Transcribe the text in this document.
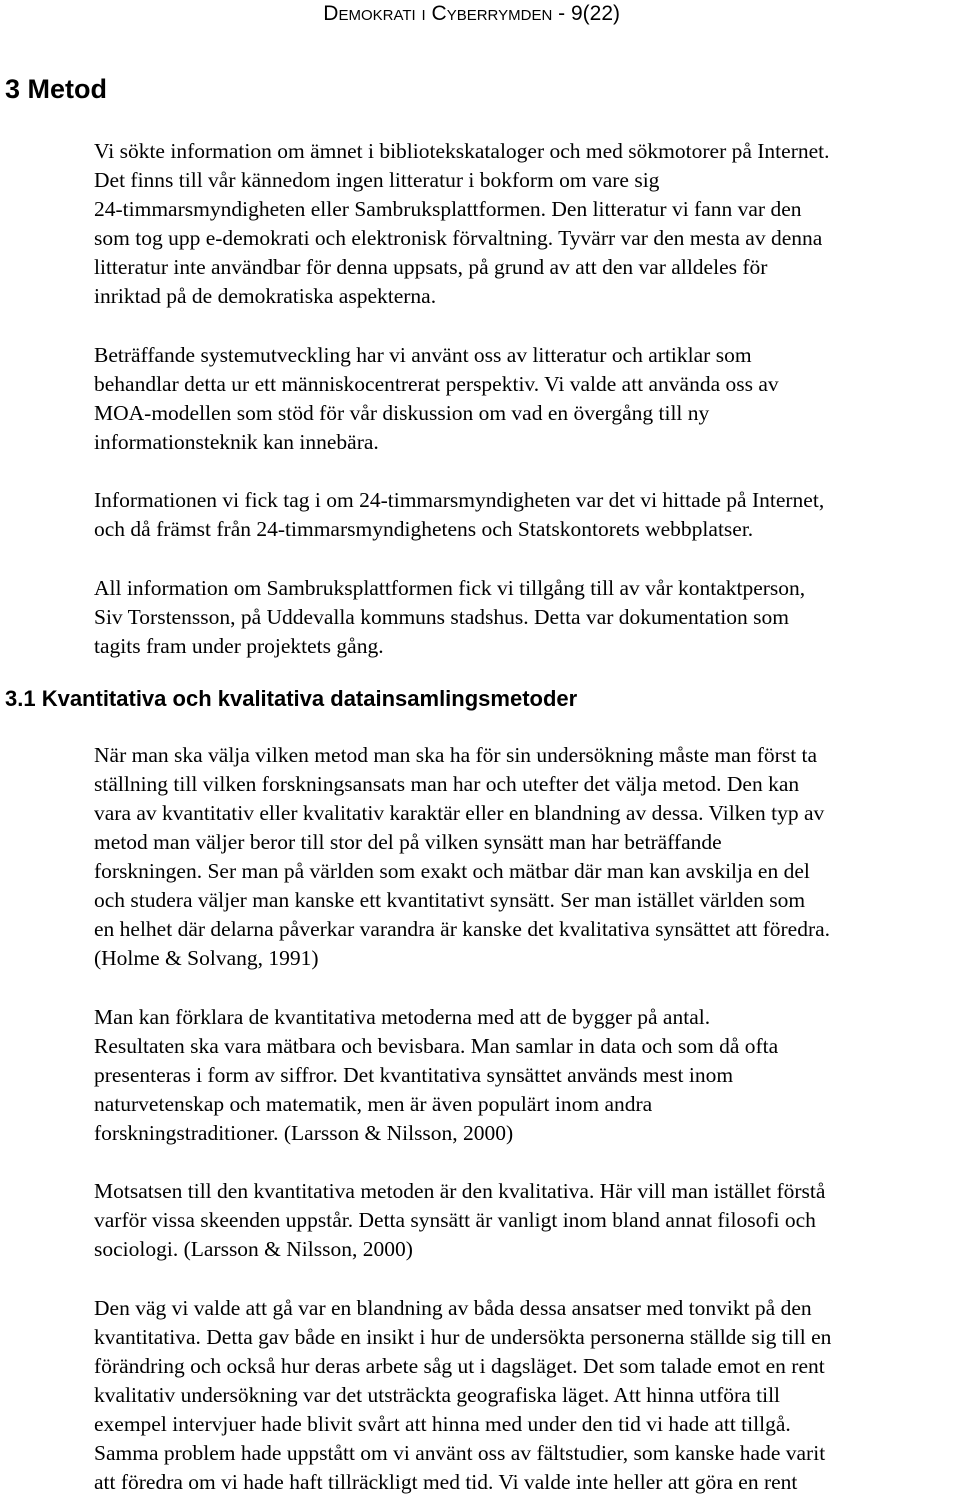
Demokrati i Cyberrymden - 9(22)
3 Metod

Vi sökte information om ämnet i bibliotekskataloger och med sökmotorer på Internet.

Det finns till vår kännedom ingen litteratur i bokform om vare sig

24-timmarsmyndigheten eller Sambruksplattformen. Den litteratur vi fann var den

som tog upp e-demokrati och elektronisk förvaltning. Tyvärr var den mesta av denna

litteratur inte användbar för denna uppsats, på grund av att den var alldeles för

inriktad på de demokratiska aspekterna.

Beträffande systemutveckling har vi använt oss av litteratur och artiklar som

behandlar detta ur ett människocentrerat perspektiv. Vi valde att använda oss av

MOA-modellen som stöd för vår diskussion om vad en övergång till ny

informationsteknik kan innebära.

Informationen vi fick tag i om 24-timmarsmyndigheten var det vi hittade på Internet,

och då främst från 24-timmarsmyndighetens och Statskontorets webbplatser.

All information om Sambruksplattformen fick vi tillgång till av vår kontaktperson,

Siv Torstensson, på Uddevalla kommuns stadshus. Detta var dokumentation som

tagits fram under projektets gång.

3.1 Kvantitativa och kvalitativa datainsamlingsmetoder

När man ska välja vilken metod man ska ha för sin undersökning måste man först ta

ställning till vilken forskningsansats man har och utefter det välja metod. Den kan

vara av kvantitativ eller kvalitativ karaktär eller en blandning av dessa. Vilken typ av

metod man väljer beror till stor del på vilken synsätt man har beträffande

forskningen. Ser man på världen som exakt och mätbar där man kan avskilja en del

och studera väljer man kanske ett kvantitativt synsätt. Ser man istället världen som

en helhet där delarna påverkar varandra är kanske det kvalitativa synsättet att föredra.

(Holme & Solvang, 1991)

Man kan förklara de kvantitativa metoderna med att de bygger på antal.

Resultaten ska vara mätbara och bevisbara. Man samlar in data och som då ofta

presenteras i form av siffror. Det kvantitativa synsättet används mest inom

naturvetenskap och matematik, men är även populärt inom andra

forskningstraditioner. (Larsson & Nilsson, 2000)

Motsatsen till den kvantitativa metoden är den kvalitativa. Här vill man istället förstå

varför vissa skeenden uppstår. Detta synsätt är vanligt inom bland annat filosofi och

sociologi. (Larsson & Nilsson, 2000)

Den väg vi valde att gå var en blandning av båda dessa ansatser med tonvikt på den

kvantitativa. Detta gav både en insikt i hur de undersökta personerna ställde sig till en

förändring och också hur deras arbete såg ut i dagsläget. Det som talade emot en rent

kvalitativ undersökning var det utsträckta geografiska läget. Att hinna utföra till

exempel intervjuer hade blivit svårt att hinna med under den tid vi hade att tillgå.

Samma problem hade uppstått om vi använt oss av fältstudier, som kanske hade varit

att föredra om vi hade haft tillräckligt med tid. Vi valde inte heller att göra en rent
